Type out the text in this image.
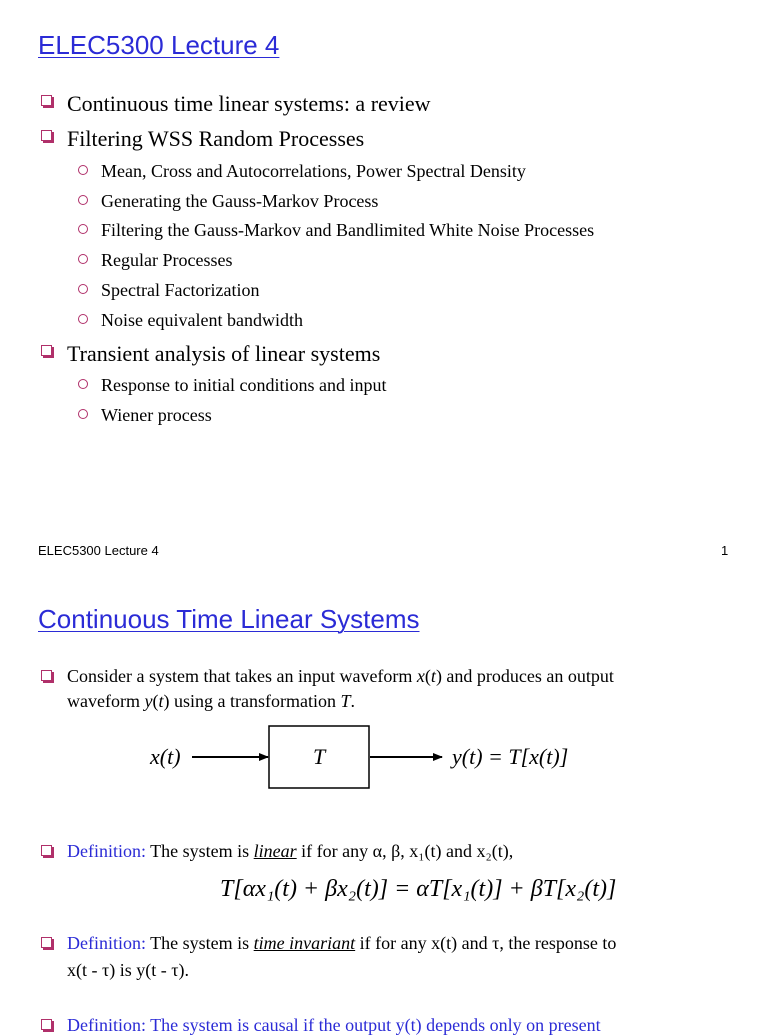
ELEC5300 Lecture 4
Continuous time linear systems: a review
Filtering WSS Random Processes
Mean, Cross and Autocorrelations, Power Spectral Density
Generating the Gauss-Markov Process
Filtering the Gauss-Markov and Bandlimited White Noise Processes
Regular Processes
Spectral Factorization
Noise equivalent bandwidth
Transient analysis of linear systems
Response to initial conditions and input
Wiener process
ELEC5300 Lecture 4	1
Continuous Time Linear Systems
Consider a system that takes an input waveform x(t) and produces an output
waveform y(t) using a transformation T.
x(t)	T	y(t) = T[x(t)]
Definition: The system is linear if for any α, β, x₁(t) and x₂(t),
T[αx₁(t) + βx₂(t)] = αT[x₁(t)] + βT[x₂(t)]
Definition: The system is time invariant if for any x(t) and τ, the response to
x(t - τ) is y(t - τ).
Definition: The system is causal if the output y(t) depends only on present
